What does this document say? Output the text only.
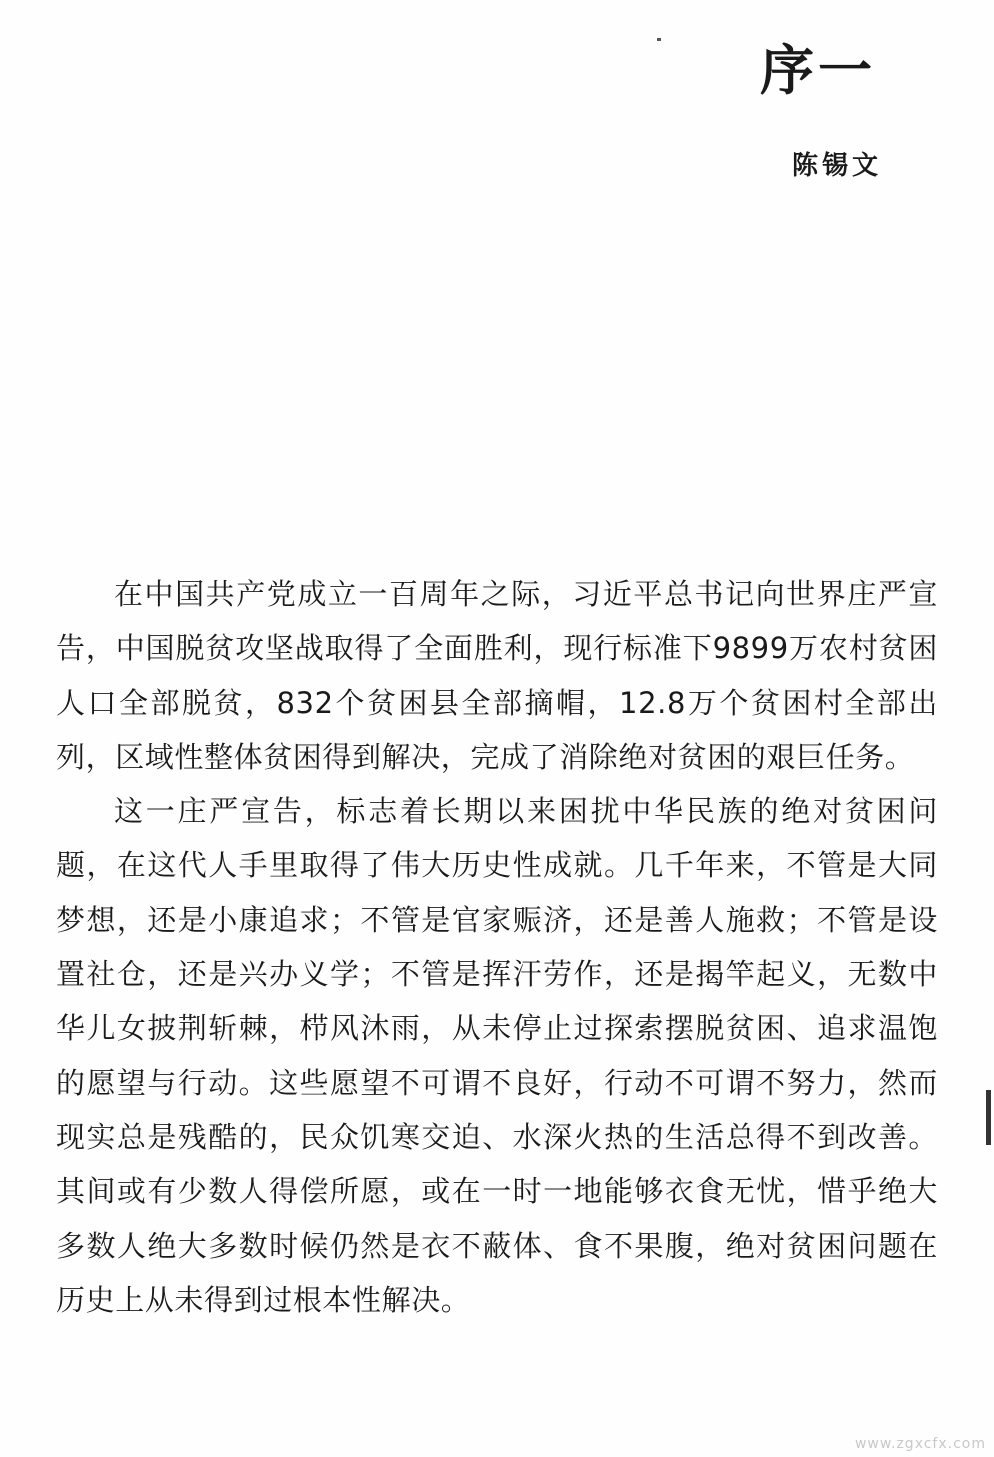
序一
陈锡文

在中国共产党成立一百周年之际，习近平总书记向世界庄严宣告，中国脱贫攻坚战取得了全面胜利，现行标准下9899万农村贫困人口全部脱贫，832个贫困县全部摘帽，12.8万个贫困村全部出列，区域性整体贫困得到解决，完成了消除绝对贫困的艰巨任务。

这一庄严宣告，标志着长期以来困扰中华民族的绝对贫困问题，在这代人手里取得了伟大历史性成就。几千年来，不管是大同梦想，还是小康追求；不管是官家赈济，还是善人施救；不管是设置社仓，还是兴办义学；不管是挥汗劳作，还是揭竿起义，无数中华儿女披荆斩棘，栉风沐雨，从未停止过探索摆脱贫困、追求温饱的愿望与行动。这些愿望不可谓不良好，行动不可谓不努力，然而现实总是残酷的，民众饥寒交迫、水深火热的生活总得不到改善。其间或有少数人得偿所愿，或在一时一地能够衣食无忧，惜乎绝大多数人绝大多数时候仍然是衣不蔽体、食不果腹，绝对贫困问题在历史上从未得到过根本性解决。

www.zgxcfx.com
